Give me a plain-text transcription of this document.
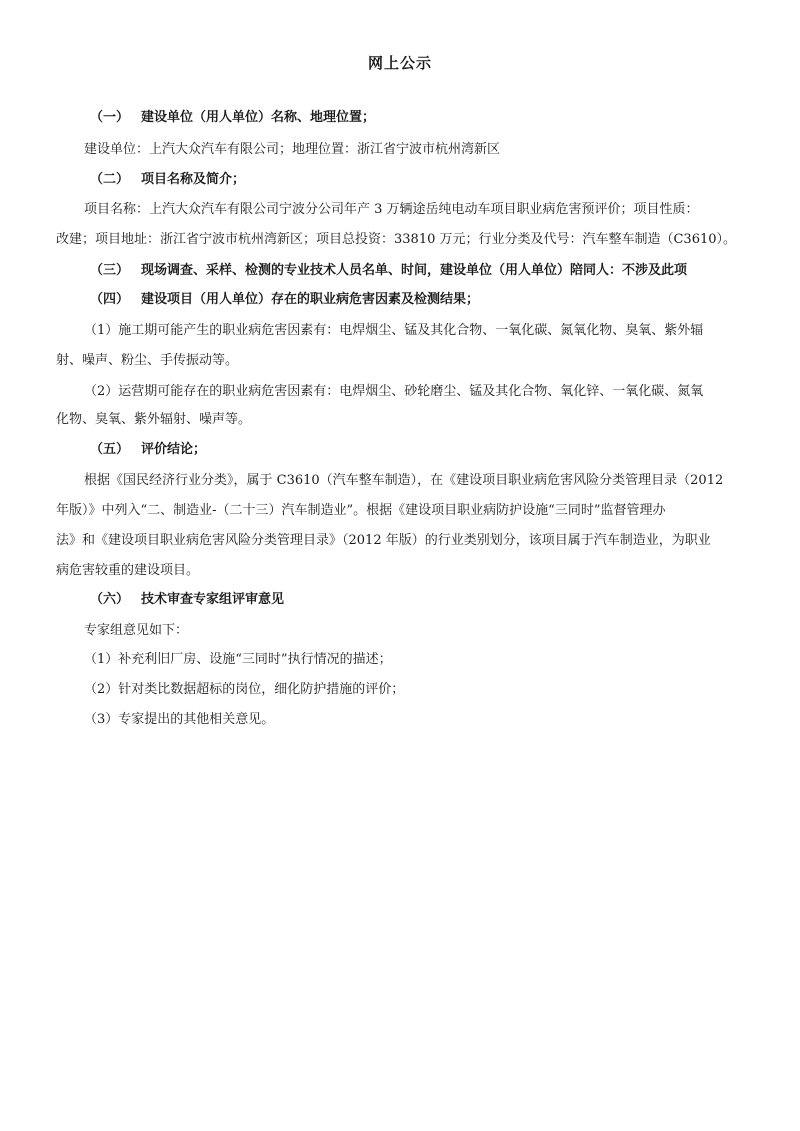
网上公示
（一） 建设单位（用人单位）名称、地理位置；
建设单位：上汽大众汽车有限公司；地理位置：浙江省宁波市杭州湾新区
（二） 项目名称及简介；
项目名称：上汽大众汽车有限公司宁波分公司年产 3 万辆途岳纯电动车项目职业病危害预评价；项目性质：
改建；项目地址：浙江省宁波市杭州湾新区；项目总投资：33810 万元；行业分类及代号：汽车整车制造（C3610）。
（三） 现场调查、采样、检测的专业技术人员名单、时间，建设单位（用人单位）陪同人：不涉及此项
（四） 建设项目（用人单位）存在的职业病危害因素及检测结果；
（1）施工期可能产生的职业病危害因素有：电焊烟尘、锰及其化合物、一氧化碳、氮氧化物、臭氧、紫外辐
射、噪声、粉尘、手传振动等。
（2）运营期可能存在的职业病危害因素有：电焊烟尘、砂轮磨尘、锰及其化合物、氧化锌、一氧化碳、氮氧
化物、臭氧、紫外辐射、噪声等。
（五） 评价结论；
根据《国民经济行业分类》，属于 C3610（汽车整车制造），在《建设项目职业病危害风险分类管理目录（2012
年版）》中列入“二、制造业-（二十三）汽车制造业”。根据《建设项目职业病防护设施“三同时”监督管理办
法》和《建设项目职业病危害风险分类管理目录》（2012 年版）的行业类别划分，该项目属于汽车制造业，为职业
病危害较重的建设项目。
（六） 技术审查专家组评审意见
专家组意见如下：
（1）补充利旧厂房、设施“三同时”执行情况的描述；
（2）针对类比数据超标的岗位，细化防护措施的评价；
（3）专家提出的其他相关意见。
